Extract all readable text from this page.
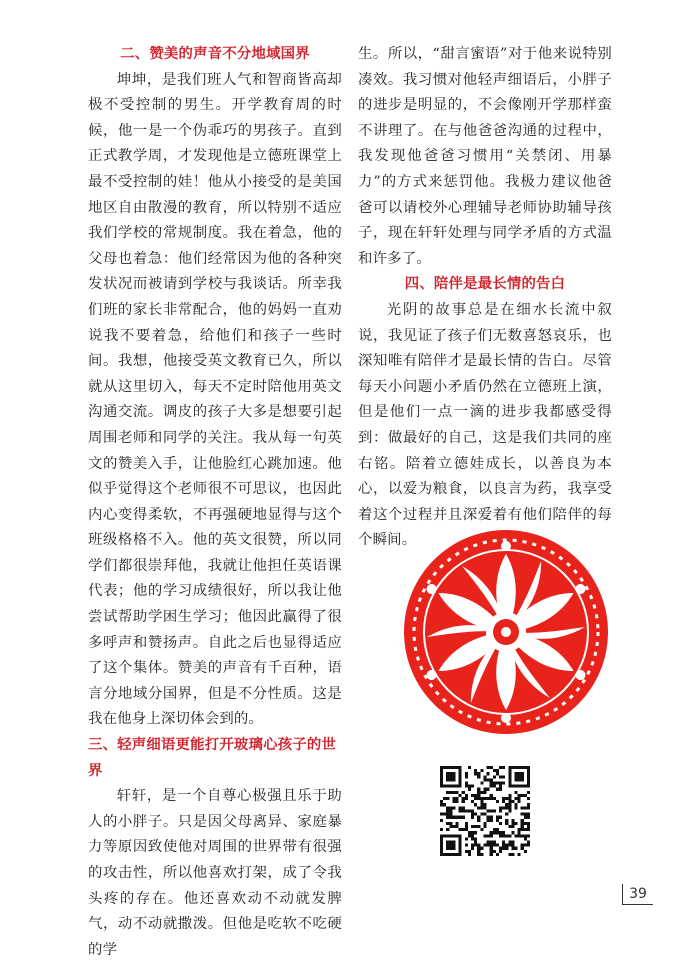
二、赞美的声音不分地域国界

坤坤，是我们班人气和智商皆高却极不受控制的男生。开学教育周的时候，他一是一个伪乖巧的男孩子。直到正式教学周，才发现他是立德班课堂上最不受控制的娃！他从小接受的是美国地区自由散漫的教育，所以特别不适应我们学校的常规制度。我在着急，他的父母也着急：他们经常因为他的各种突发状况而被请到学校与我谈话。所幸我们班的家长非常配合，他的妈妈一直劝说我不要着急，给他们和孩子一些时间。我想，他接受英文教育已久，所以就从这里切入，每天不定时陪他用英文沟通交流。调皮的孩子大多是想要引起周围老师和同学的关注。我从每一句英文的赞美入手，让他脸红心跳加速。他似乎觉得这个老师很不可思议，也因此内心变得柔软，不再强硬地显得与这个班级格格不入。他的英文很赞，所以同学们都很崇拜他，我就让他担任英语课代表；他的学习成绩很好，所以我让他尝试帮助学困生学习；他因此赢得了很多呼声和赞扬声。自此之后也显得适应了这个集体。赞美的声音有千百种，语言分地域分国界，但是不分性质。这是我在他身上深切体会到的。

三、轻声细语更能打开玻璃心孩子的世界

轩轩，是一个自尊心极强且乐于助人的小胖子。只是因父母离异、家庭暴力等原因致使他对周围的世界带有很强的攻击性，所以他喜欢打架，成了令我头疼的存在。他还喜欢动不动就发脾气，动不动就撒泼。但他是吃软不吃硬的学

生。所以，“甜言蜜语”对于他来说特别凑效。我习惯对他轻声细语后，小胖子的进步是明显的，不会像刚开学那样蛮不讲理了。在与他爸爸沟通的过程中，我发现他爸爸习惯用“关禁闭、用暴力”的方式来惩罚他。我极力建议他爸爸可以请校外心理辅导老师协助辅导孩子，现在轩轩处理与同学矛盾的方式温和许多了。

四、陪伴是最长情的告白

光阴的故事总是在细水长流中叙说，我见证了孩子们无数喜怒哀乐，也深知唯有陪伴才是最长情的告白。尽管每天小问题小矛盾仍然在立德班上演，但是他们一点一滴的进步我都感受得到：做最好的自己，这是我们共同的座右铭。陪着立德娃成长，以善良为本心，以爱为粮食，以良言为药，我享受着这个过程并且深爱着有他们陪伴的每个瞬间。

39
